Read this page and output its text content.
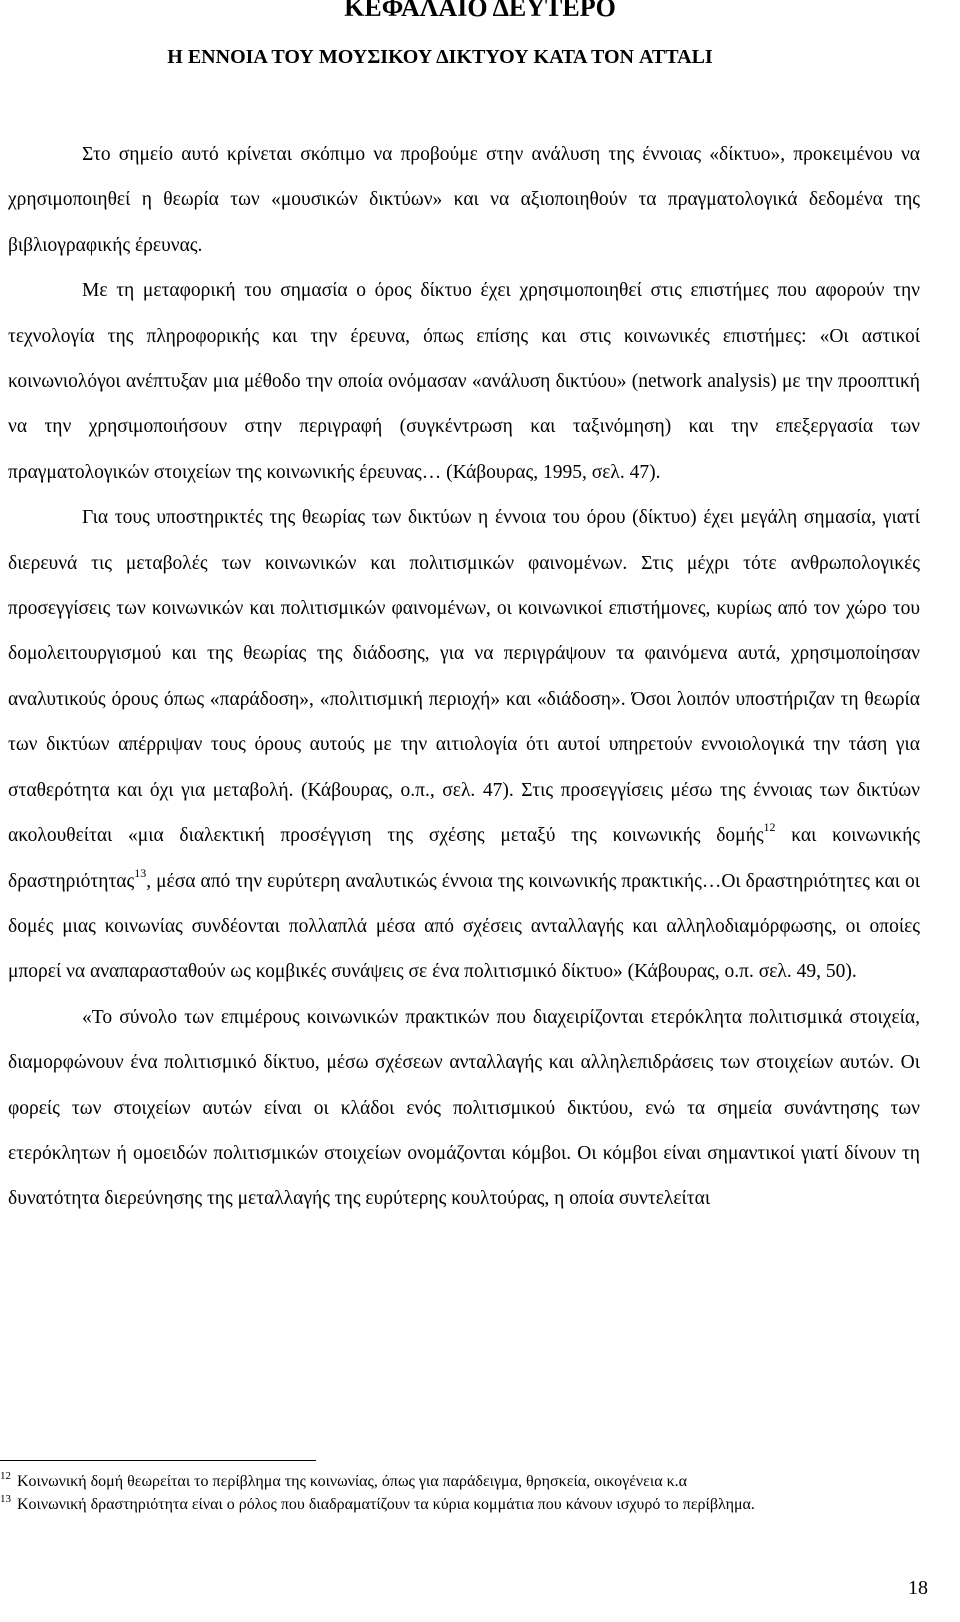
ΚΕΦΑΛΑΙΟ ΔΕΥΤΕΡΟ
Η ΕΝΝΟΙΑ ΤΟΥ ΜΟΥΣΙΚΟΥ ΔΙΚΤΥΟΥ ΚΑΤΑ ΤΟΝ ATTALI

Στο σημείο αυτό κρίνεται σκόπιμο να προβούμε στην ανάλυση της έννοιας «δίκτυο», προκειμένου να χρησιμοποιηθεί η θεωρία των «μουσικών δικτύων» και να αξιοποιηθούν τα πραγματολογικά δεδομένα της βιβλιογραφικής έρευνας.

Με τη μεταφορική του σημασία ο όρος δίκτυο έχει χρησιμοποιηθεί στις επιστήμες που αφορούν την τεχνολογία της πληροφορικής και την έρευνα, όπως επίσης και στις κοινωνικές επιστήμες: «Οι αστικοί κοινωνιολόγοι ανέπτυξαν μια μέθοδο την οποία ονόμασαν «ανάλυση δικτύου» (network analysis) με την προοπτική να την χρησιμοποιήσουν στην περιγραφή (συγκέντρωση και ταξινόμηση) και την επεξεργασία των πραγματολογικών στοιχείων της κοινωνικής έρευνας… (Κάβουρας, 1995, σελ. 47).

Για τους υποστηρικτές της θεωρίας των δικτύων η έννοια του όρου (δίκτυο) έχει μεγάλη σημασία, γιατί διερευνά τις μεταβολές των κοινωνικών και πολιτισμικών φαινομένων. Στις μέχρι τότε ανθρωπολογικές προσεγγίσεις των κοινωνικών και πολιτισμικών φαινομένων, οι κοινωνικοί επιστήμονες, κυρίως από τον χώρο του δομολειτουργισμού και της θεωρίας της διάδοσης, για να περιγράψουν τα φαινόμενα αυτά, χρησιμοποίησαν αναλυτικούς όρους όπως «παράδοση», «πολιτισμική περιοχή» και «διάδοση». Όσοι λοιπόν υποστήριζαν τη θεωρία των δικτύων απέρριψαν τους όρους αυτούς με την αιτιολογία ότι αυτοί υπηρετούν εννοιολογικά την τάση για σταθερότητα και όχι για μεταβολή. (Κάβουρας, ο.π., σελ. 47). Στις προσεγγίσεις μέσω της έννοιας των δικτύων ακολουθείται «μια διαλεκτική προσέγγιση της σχέσης μεταξύ της κοινωνικής δομής$^{12}$ και κοινωνικής δραστηριότητας$^{13}$, μέσα από την ευρύτερη αναλυτικώς έννοια της κοινωνικής πρακτικής…Οι δραστηριότητες και οι δομές μιας κοινωνίας συνδέονται πολλαπλά μέσα από σχέσεις ανταλλαγής και αλληλοδιαμόρφωσης, οι οποίες μπορεί να αναπαρασταθούν ως κομβικές συνάψεις σε ένα πολιτισμικό δίκτυο» (Κάβουρας, ο.π. σελ. 49, 50).

«Το σύνολο των επιμέρους κοινωνικών πρακτικών που διαχειρίζονται ετερόκλητα πολιτισμικά στοιχεία, διαμορφώνουν ένα πολιτισμικό δίκτυο, μέσω σχέσεων ανταλλαγής και αλληλεπιδράσεις των στοιχείων αυτών. Οι φορείς των στοιχείων αυτών είναι οι κλάδοι ενός πολιτισμικού δικτύου, ενώ τα σημεία συνάντησης των ετερόκλητων ή ομοειδών πολιτισμικών στοιχείων ονομάζονται κόμβοι. Οι κόμβοι είναι σημαντικοί γιατί δίνουν τη δυνατότητα διερεύνησης της μεταλλαγής της ευρύτερης κουλτούρας, η οποία συντελείται

$^{12}$ Κοινωνική δομή θεωρείται το περίβλημα της κοινωνίας, όπως για παράδειγμα, θρησκεία, οικογένεια κ.α

$^{13}$ Κοινωνική δραστηριότητα είναι ο ρόλος που διαδραματίζουν τα κύρια κομμάτια που κάνουν ισχυρό το περίβλημα.

18
